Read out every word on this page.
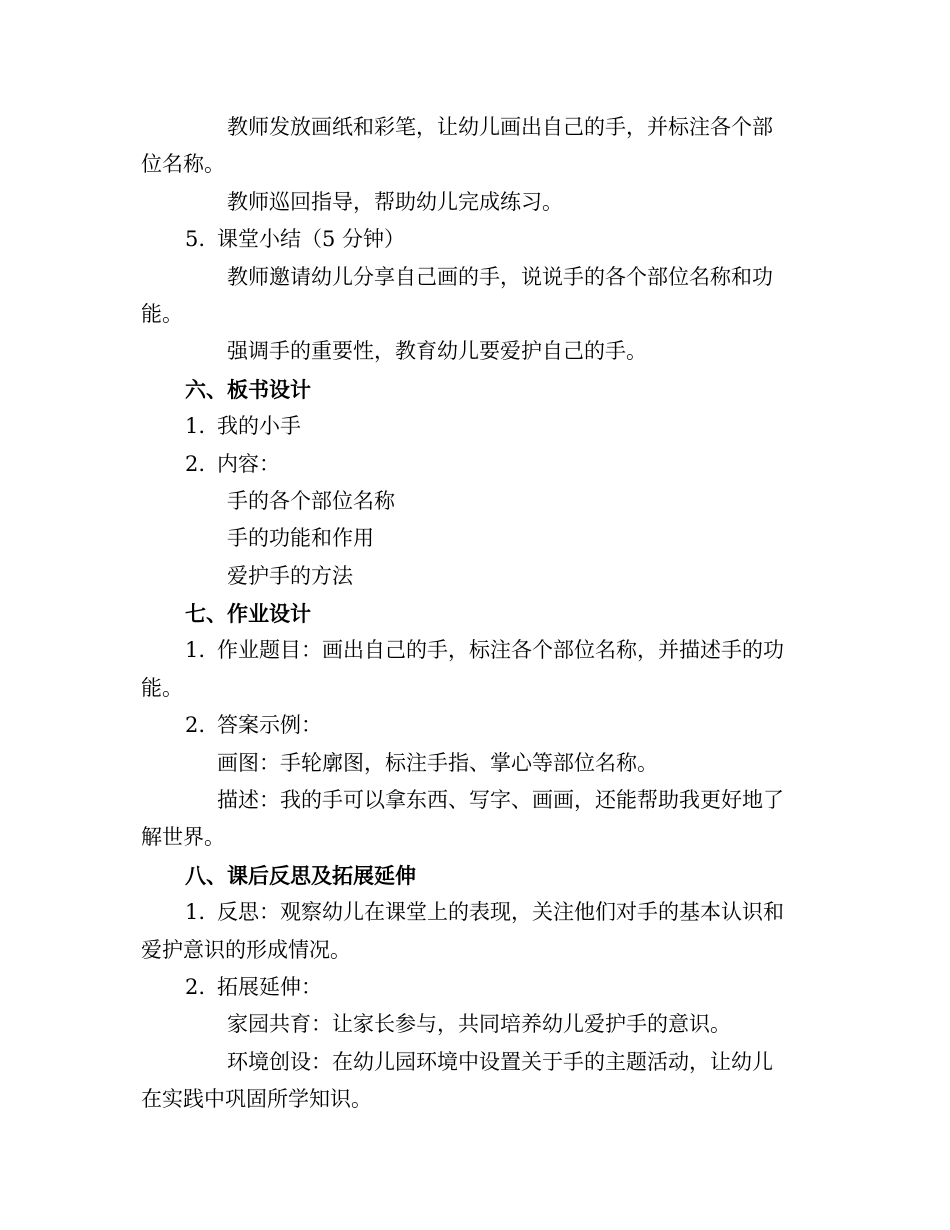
教师发放画纸和彩笔，让幼儿画出自己的手，并标注各个部
位名称。
教师巡回指导，帮助幼儿完成练习。
5. 课堂小结（5 分钟）
教师邀请幼儿分享自己画的手，说说手的各个部位名称和功
能。
强调手的重要性，教育幼儿要爱护自己的手。
六、板书设计
1. 我的小手
2. 内容：
手的各个部位名称
手的功能和作用
爱护手的方法
七、作业设计
1. 作业题目：画出自己的手，标注各个部位名称，并描述手的功
能。
2. 答案示例：
画图：手轮廓图，标注手指、掌心等部位名称。
描述：我的手可以拿东西、写字、画画，还能帮助我更好地了
解世界。
八、课后反思及拓展延伸
1. 反思：观察幼儿在课堂上的表现，关注他们对手的基本认识和
爱护意识的形成情况。
2. 拓展延伸：
家园共育：让家长参与，共同培养幼儿爱护手的意识。
环境创设：在幼儿园环境中设置关于手的主题活动，让幼儿
在实践中巩固所学知识。
